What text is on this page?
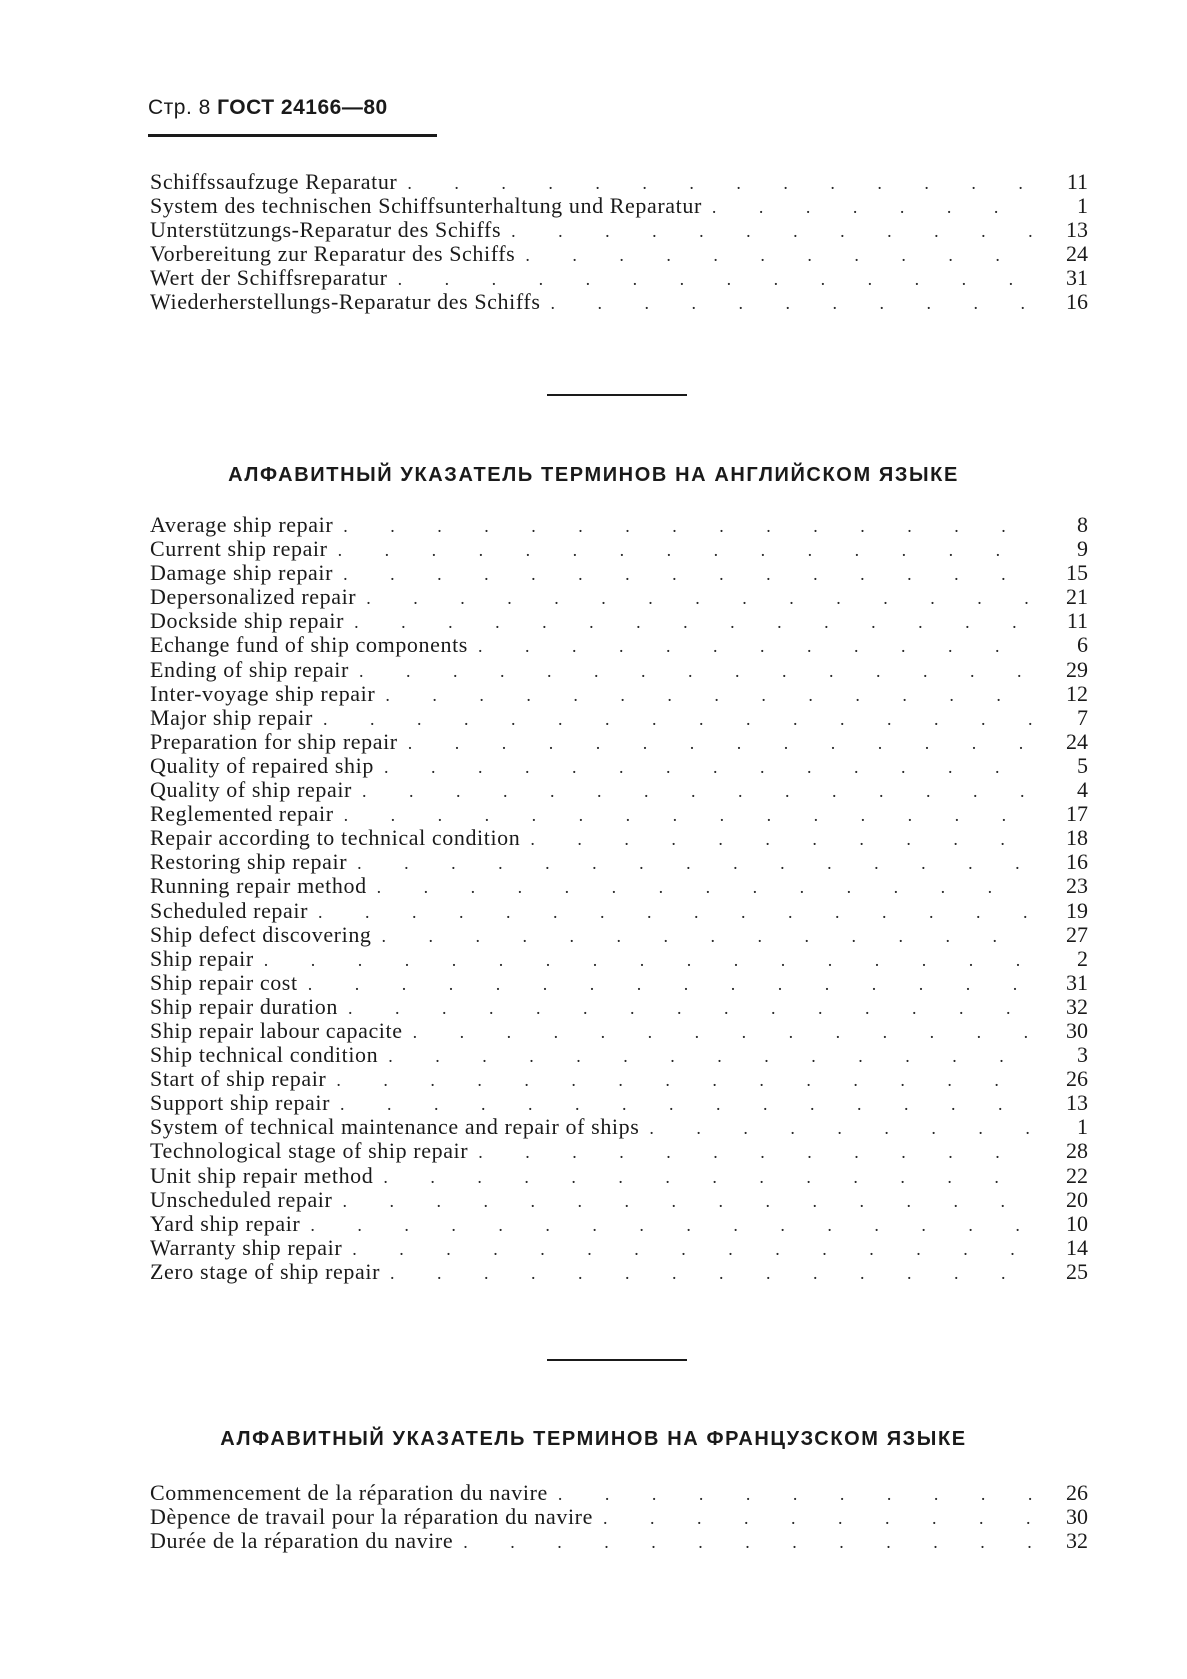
Стр. 8 ГОСТ 24166—80
Schiffssaufzuge Reparatur . . .	11
System des technischen Schiffsunterhaltung und Reparatur . . .	1
Unterstützungs-Reparatur des Schiffs . . .	13
Vorbereitung zur Reparatur des Schiffs . . .	24
Wert der Schiffsreparatur . . .	31
Wiederherstellungs-Reparatur des Schiffs . . .	16
АЛФАВИТНЫЙ УКАЗАТЕЛЬ ТЕРМИНОВ НА АНГЛИЙСКОМ ЯЗЫКЕ
Average ship repair . . .	8
Current ship repair . . .	9
Damage ship repair . . .	15
Depersonalized repair . . .	21
Dockside ship repair . . .	11
Echange fund of ship components . . .	6
Ending of ship repair . . .	29
Inter-voyage ship repair . . .	12
Major ship repair . . .	7
Preparation for ship repair . . .	24
Quality of repaired ship . . .	5
Quality of ship repair . . .	4
Reglemented repair . . .	17
Repair according to technical condition . . .	18
Restoring ship repair . . .	16
Running repair method . . .	23
Scheduled repair . . .	19
Ship defect discovering . . .	27
Ship repair . . .	2
Ship repair cost . . .	31
Ship repair duration . . .	32
Ship repair labour capacite . . .	30
Ship technical condition . . .	3
Start of ship repair . . .	26
Support ship repair . . .	13
System of technical maintenance and repair of ships . . .	1
Technological stage of ship repair . . .	28
Unit ship repair method . . .	22
Unscheduled repair . . .	20
Yard ship repair . . .	10
Warranty ship repair . . .	14
Zero stage of ship repair . . .	25
АЛФАВИТНЫЙ УКАЗАТЕЛЬ ТЕРМИНОВ НА ФРАНЦУЗСКОМ ЯЗЫКЕ
Commencement de la réparation du navire . . .	26
Dèpence de travail pour la réparation du navire . . .	30
Durée de la réparation du navire . . .	32
